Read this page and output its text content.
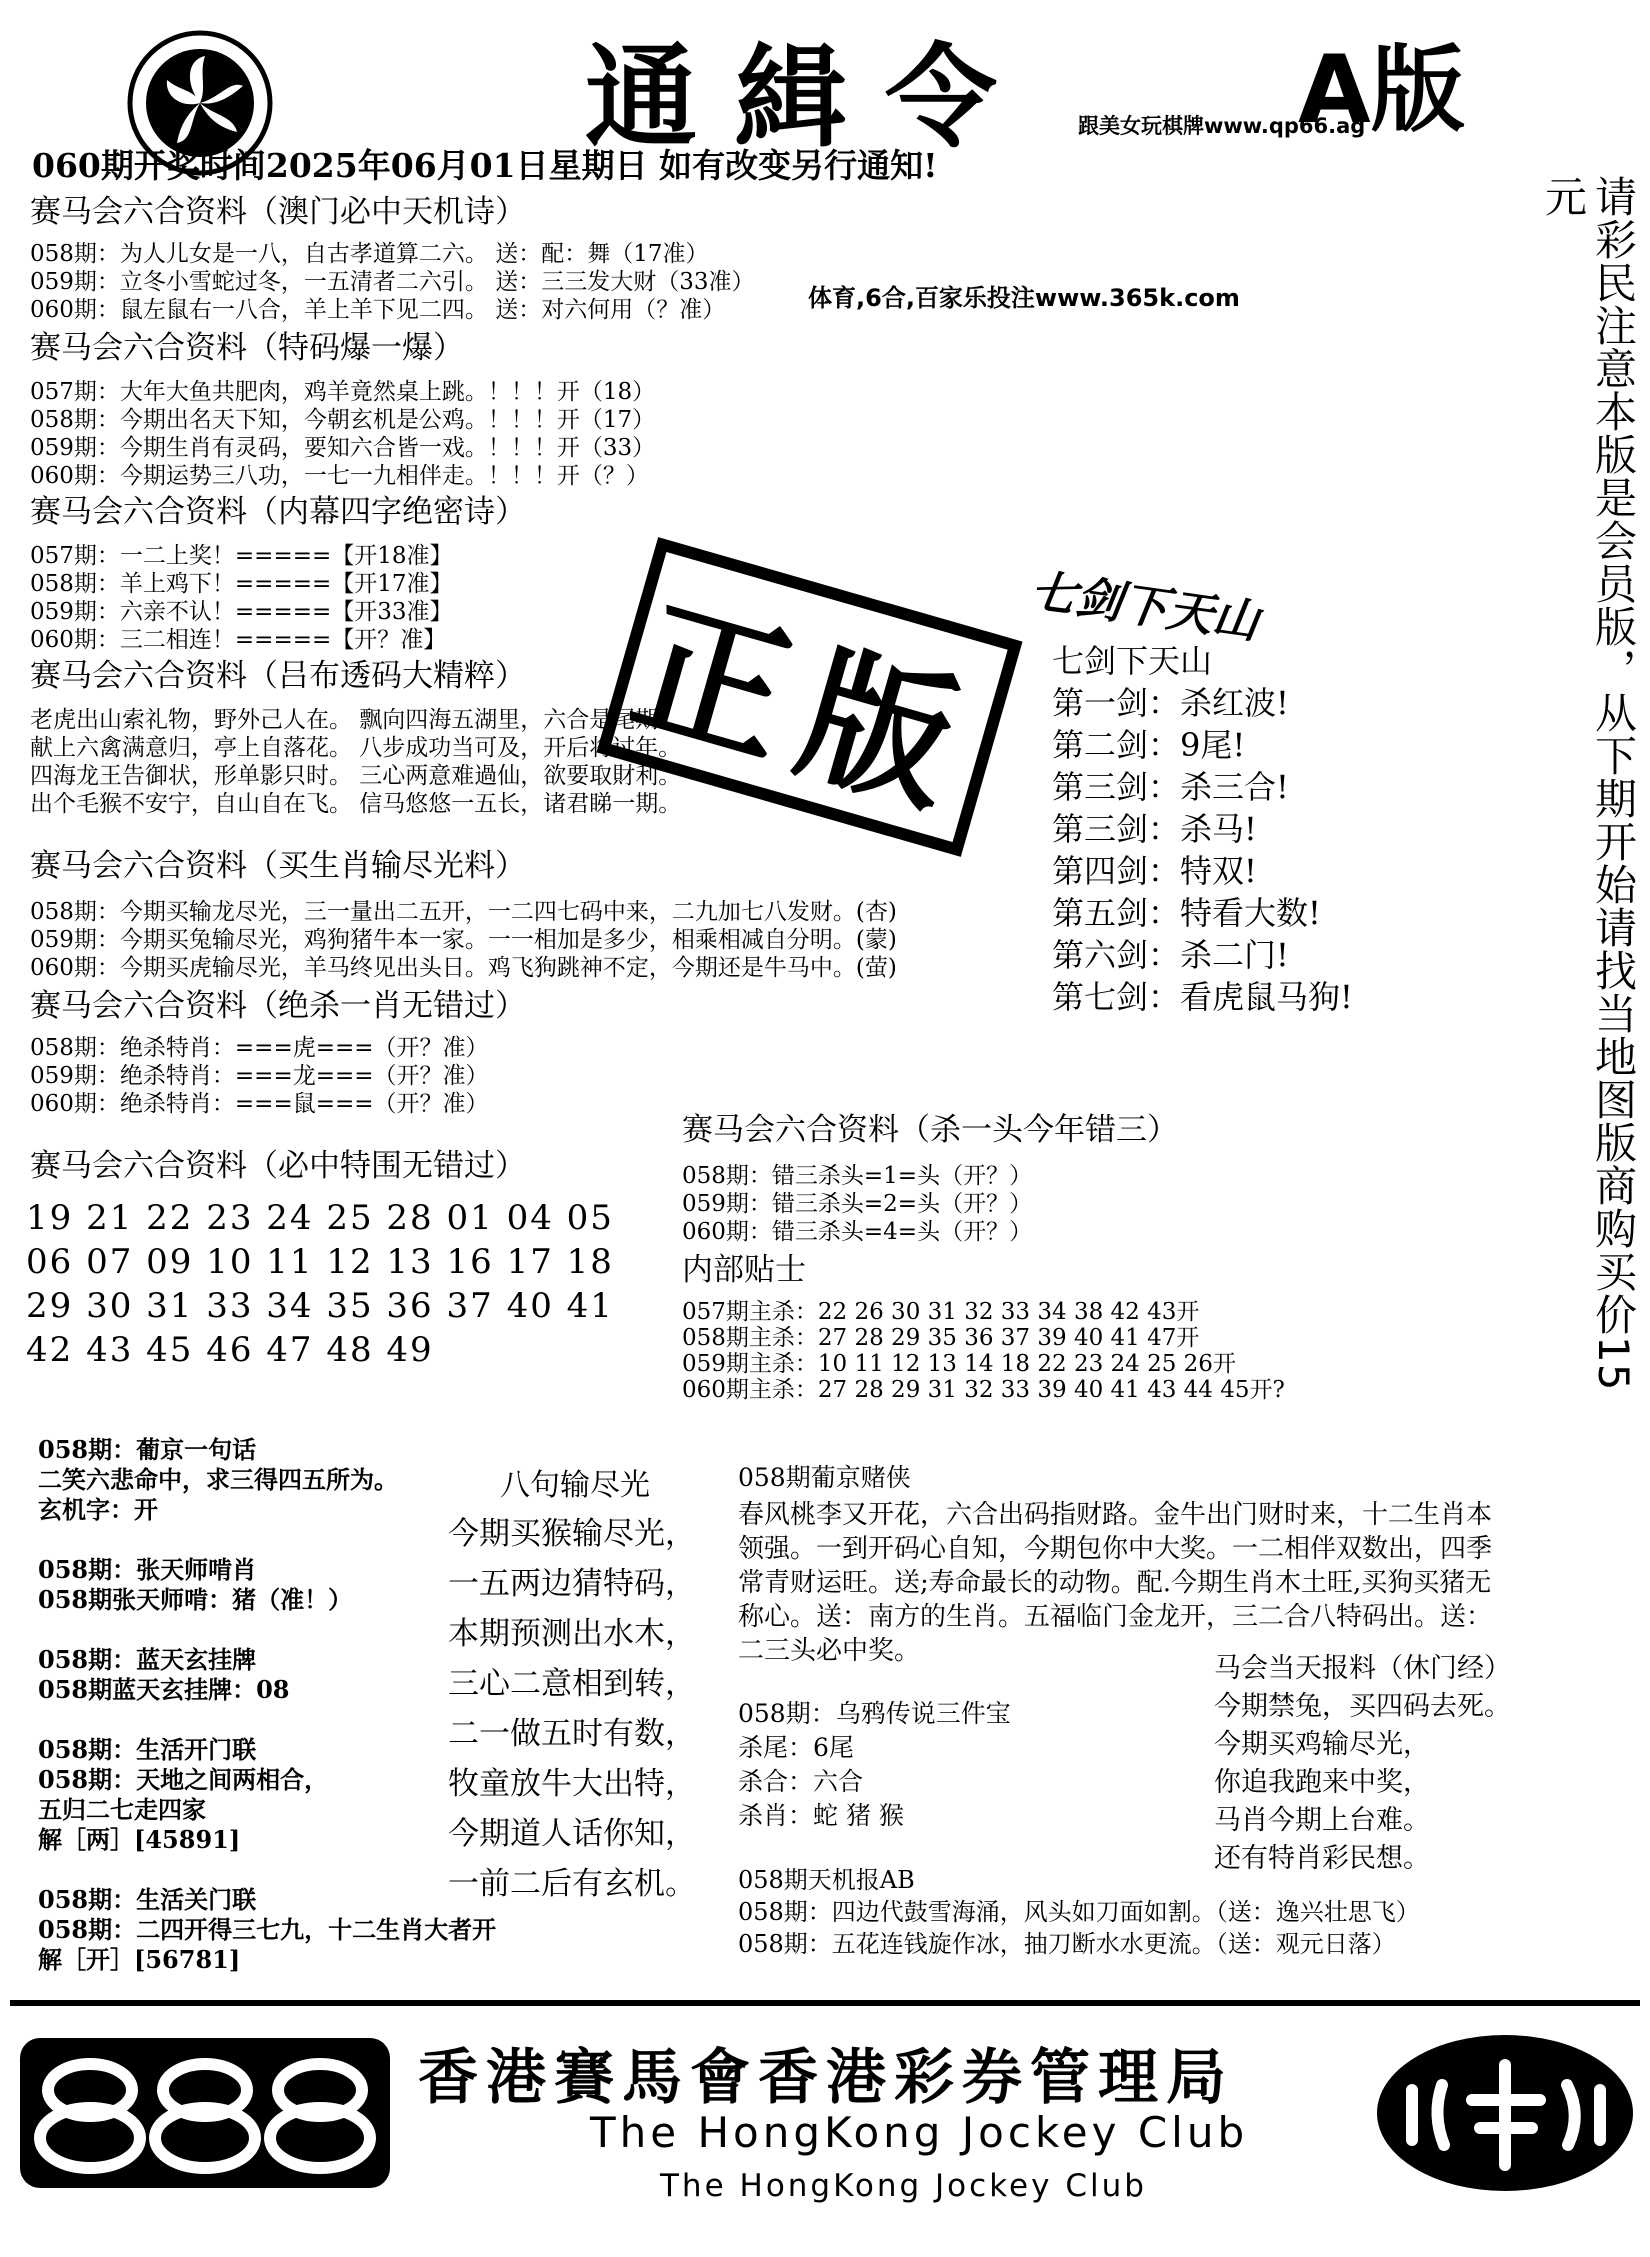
通緝令	A版
跟美女玩棋牌www.qp66.ag
060期开奖时间2025年06月01日星期日 如有改变另行通知!
请彩民注意本版是会员版，从下期开始请找当地图版商购买价15元
赛马会六合资料（澳门必中天机诗）
058期：为人儿女是一八，自古孝道算二六。 送：配：舞（17准）
059期：立冬小雪蛇过冬，一五清者二六引。 送：三三发大财（33准）
060期：鼠左鼠右一八合，羊上羊下见二四。 送：对六何用（？准）	体育,6合,百家乐投注www.365k.com
赛马会六合资料（特码爆一爆）
057期：大年大鱼共肥肉，鸡羊竟然桌上跳。！！！开（18）
058期：今期出名天下知，今朝玄机是公鸡。！！！开（17）
059期：今期生肖有灵码，要知六合皆一戏。！！！开（33）
060期：今期运势三八功，一七一九相伴走。！！！开（？）
赛马会六合资料（内幕四字绝密诗）
057期：一二上奖！=====【开18准】
058期：羊上鸡下！=====【开17准】
059期：六亲不认！=====【开33准】
060期：三二相连！=====【开？准】 正版
赛马会六合资料（吕布透码大精粹）
老虎出山索礼物，野外己人在。 飘向四海五湖里，六合是尾期
献上六禽满意归，亭上自落花。 八步成功当可及，开后将过年。
四海龙王告御状，形单影只时。 三心两意难過仙，欲要取財利。
出个毛猴不安宁，自山自在飞。 信马悠悠一五长，诸君睇一期。
七剑下天山
七剑下天山
第一剑：杀红波!
第二剑：9尾!
第三剑：杀三合!
第三剑：杀马!
第四剑：特双!
第五剑：特看大数!
第六剑：杀二门!
第七剑：看虎鼠马狗!
赛马会六合资料（买生肖输尽光料）
058期：今期买输龙尽光，三一量出二五开，一二四七码中来，二九加七八发财。(杏)
059期：今期买兔输尽光，鸡狗猪牛本一家。一一相加是多少，相乘相减自分明。(蒙)
060期：今期买虎输尽光，羊马终见出头日。鸡飞狗跳神不定，今期还是牛马中。(萤)
赛马会六合资料（绝杀一肖无错过）
058期：绝杀特肖：===虎===（开？准）
059期：绝杀特肖：===龙===（开？准）
060期：绝杀特肖：===鼠===（开？准）
赛马会六合资料（必中特围无错过）
19 21 22 23 24 25 28 01 04 05
06 07 09 10 11 12 13 16 17 18
29 30 31 33 34 35 36 37 40 41
42 43 45 46 47 48 49
赛马会六合资料（杀一头今年错三）
058期：错三杀头=1=头（开？）
059期：错三杀头=2=头（开？）
060期：错三杀头=4=头（开？）
内部贴士
057期主杀：22 26 30 31 32 33 34 38 42 43开
058期主杀：27 28 29 35 36 37 39 40 41 47开
059期主杀：10 11 12 13 14 18 22 23 24 25 26开
060期主杀：27 28 29 31 32 33 39 40 41 43 44 45开?
058期：葡京一句话
二笑六悲命中，求三得四五所为。
玄机字：开
058期：张天师啃肖
058期张天师啃：猪（准！）
058期：蓝天玄挂牌
058期蓝天玄挂牌：08
058期：生活开门联
058期：天地之间两相合，
五归二七走四家
解［两］[45891]
058期：生活关门联
058期：二四开得三七九，十二生肖大者开
解［开］[56781]
八句输尽光
今期买猴输尽光，
一五两边猜特码，
本期预测出水木，
三心二意相到转，
二一做五时有数，
牧童放牛大出特，
今期道人话你知，
一前二后有玄机。
058期葡京赌侠
春风桃李又开花，六合出码指财路。金牛出门财时来，十二生肖本
领强。一到开码心自知，今期包你中大奖。一二相伴双数出，四季
常青财运旺。送;寿命最长的动物。配.今期生肖木土旺,买狗买猪无
称心。送：南方的生肖。五福临门金龙开，三二合八特码出。送：
二三头必中奖。
058期：乌鸦传说三件宝
杀尾：6尾
杀合：六合
杀肖：蛇 猪 猴
马会当天报料（休门经）
今期禁兔，买四码去死。
今期买鸡输尽光，
你追我跑来中奖，
马肖今期上台难。
还有特肖彩民想。
058期天机报AB
058期：四边代鼓雪海涌，风头如刀面如割。（送：逸兴壮思飞）
058期：五花连钱旋作冰，抽刀断水水更流。（送：观元日落）
香港賽馬會香港彩券管理局
The HongKong Jockey Club
The HongKong Jockey Club
